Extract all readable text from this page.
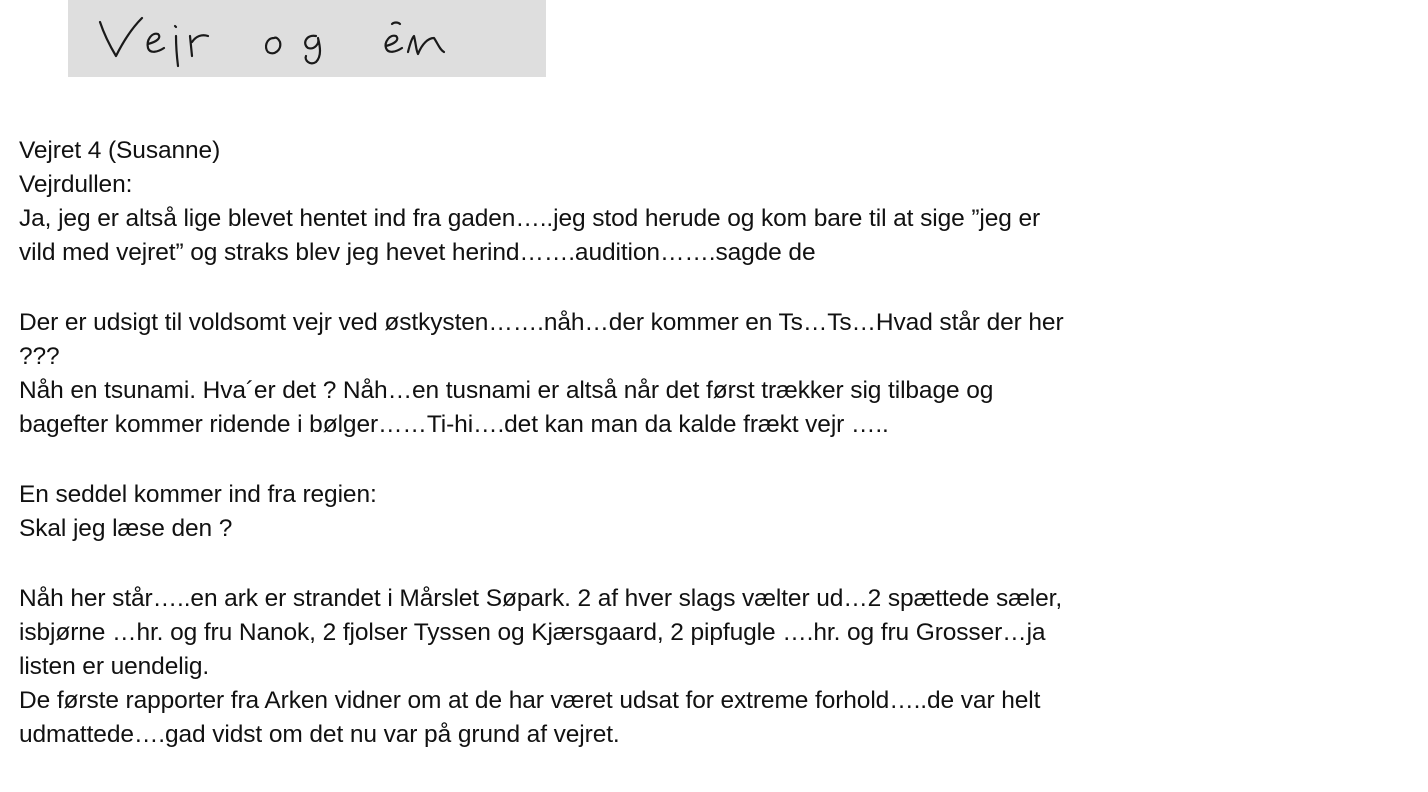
Vejret 4 (Susanne)
Vejrdullen:
Ja, jeg er altså lige blevet hentet ind fra gaden…..jeg stod herude og kom bare til at sige ”jeg er
vild med vejret” og straks blev jeg hevet herind…….audition…….sagde de
Der er udsigt til voldsomt vejr ved østkysten…….nåh…der kommer en Ts…Ts…Hvad står der her
???
Nåh en tsunami. Hva´er det ? Nåh…en tusnami er altså når det først trækker sig tilbage og
bagefter kommer ridende i bølger……Ti-hi….det kan man da kalde frækt vejr …..
En seddel kommer ind fra regien:
Skal jeg læse den ?
Nåh her står…..en ark er strandet i Mårslet Søpark. 2 af hver slags vælter ud…2 spættede sæler,
isbjørne …hr. og fru Nanok, 2 fjolser Tyssen og Kjærsgaard, 2 pipfugle ….hr. og fru Grosser…ja
listen er uendelig.
De første rapporter fra Arken vidner om at de har været udsat for extreme forhold…..de var helt
udmattede….gad vidst om det nu var på grund af vejret.
